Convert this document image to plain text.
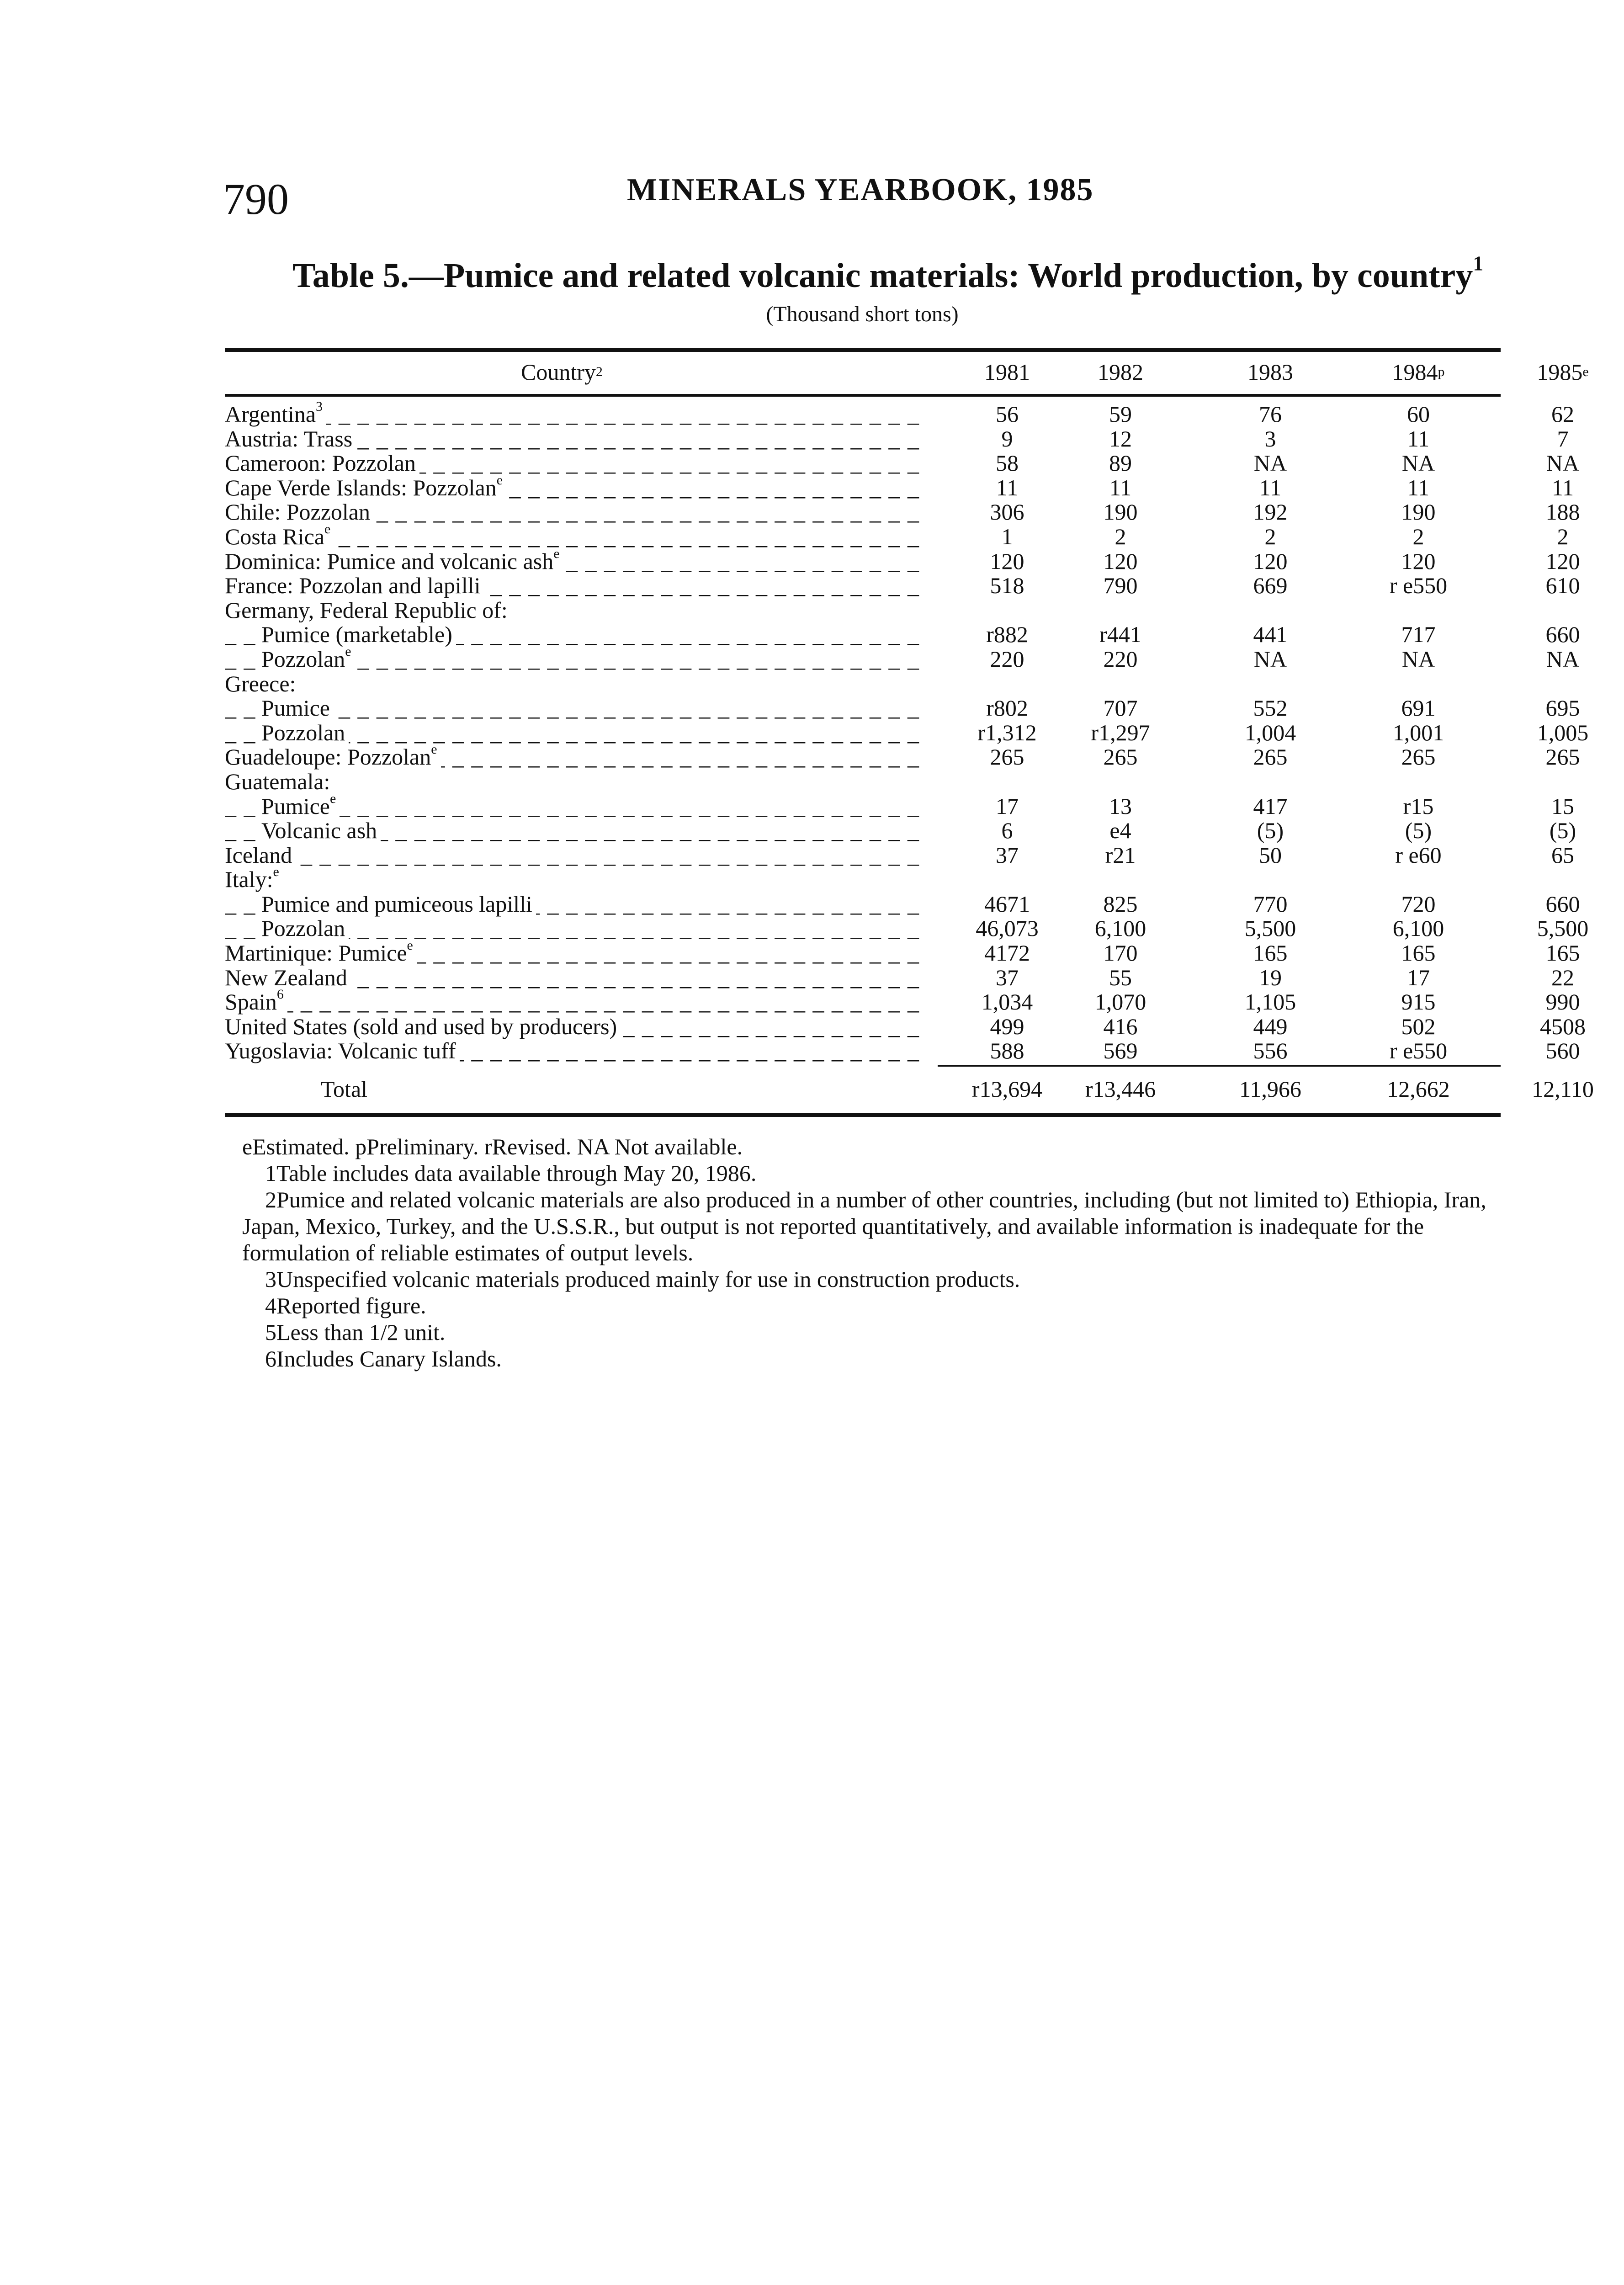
790	MINERALS YEARBOOK, 1985
Table 5.—Pumice and related volcanic materials: World production, by country$^1$
(Thousand short tons)
Country 2	1981	1982	1983	1984 p	1985 e
_ _ _
Argentina$^3$	56	59	76	60	62
_ _ _
Austria: Trass	9	12	3	11	7
_ _ _
Cameroon: Pozzolan	58	89	NA	NA	NA
_ _ _
Cape Verde Islands: Pozzolan$^e$	11	11	11	11	11
_ _ _
Chile: Pozzolan	306	190	192	190	188
_ _ _
Costa Rica$^e$	1	2	2	2	2
_ _ _
Dominica: Pumice and volcanic ash$^e$	120	120	120	120	120
_ _ _
France: Pozzolan and lapilli	518	790	669	r e550	610
Germany, Federal Republic of:
_ _ _
Pumice (marketable)	r882	r441	441	717	660
_ _ _
Pozzolan$^e$	220	220	NA	NA	NA
Greece:
_ _ _
Pumice	r802	707	552	691	695
_ _ _
Pozzolan	r1,312	r1,297	1,004	1,001	1,005
_ _ _
Guadeloupe: Pozzolan$^e$	265	265	265	265	265
Guatemala:
_ _ _
Pumice$^e$	17	13	417	r15	15
_ _ _
Volcanic ash	6	e4	(5)	(5)	(5)
_ _ _
Iceland	37	r21	50	r e60	65
Italy:$^e$
_ _ _
Pumice and pumiceous lapilli	4671	825	770	720	660
_ _ _
Pozzolan	46,073	6,100	5,500	6,100	5,500
_ _ _
Martinique: Pumice$^e$	4172	170	165	165	165
_ _ _
New Zealand	37	55	19	17	22
_ _ _
Spain$^6$	1,034	1,070	1,105	915	990
_ _ _
United States (sold and used by producers)	499	416	449	502	4508
_ _ _
Yugoslavia: Volcanic tuff	588	569	556	r e550	560
Total	r13,694	r13,446	11,966	12,662	12,110

eEstimated. pPreliminary. rRevised. NA Not available.

1Table includes data available through May 20, 1986.

2Pumice and related volcanic materials are also produced in a number of other countries, including (but not limited to) Ethiopia, Iran, Japan, Mexico, Turkey, and the U.S.S.R., but output is not reported quantitatively, and available information is inadequate for the formulation of reliable estimates of output levels.

3Unspecified volcanic materials produced mainly for use in construction products.

4Reported figure.

5Less than 1/2 unit.

6Includes Canary Islands.
